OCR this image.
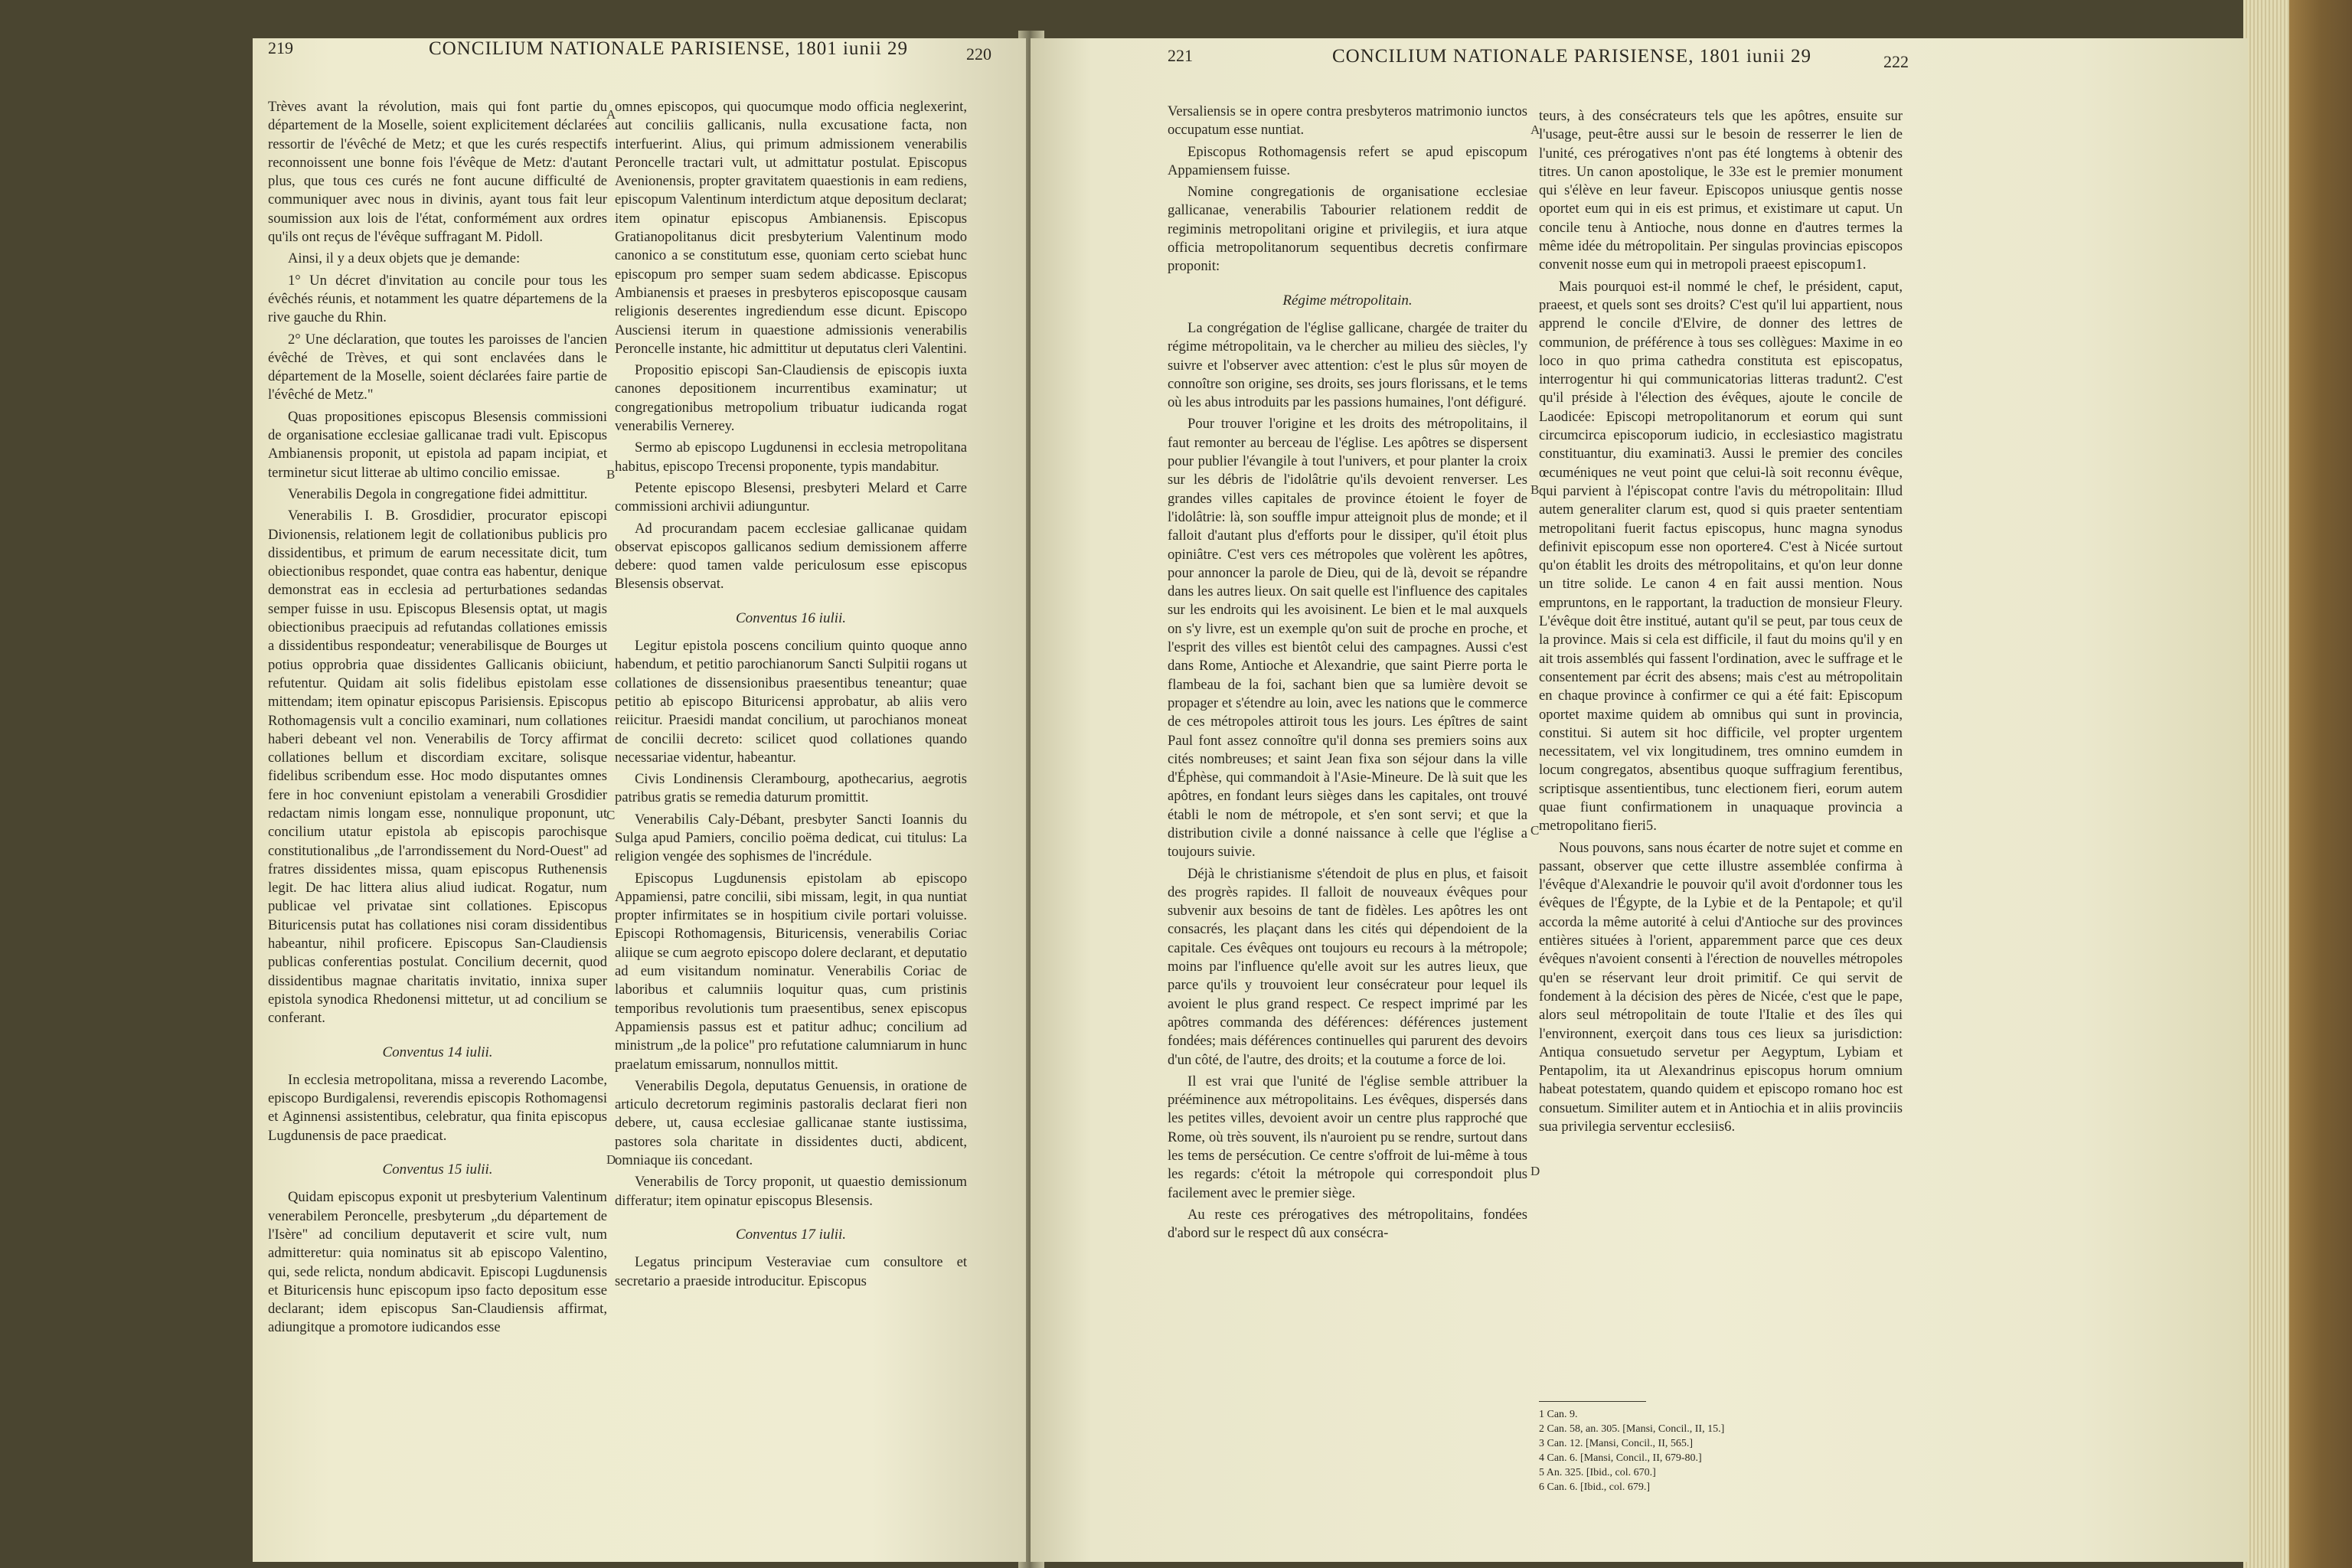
219	CONCILIUM NATIONALE PARISIENSE, 1801 iunii 29	220	221	CONCILIUM NATIONALE PARISIENSE, 1801 iunii 29	222

Trèves avant la révolution, mais qui font partie du département de la Moselle, soient explicitement déclarées ressortir de l'évêché de Metz; et que les curés respectifs reconnoissent une bonne fois l'évêque de Metz: d'autant plus, que tous ces curés ne font aucune difficulté de communiquer avec nous in divinis, ayant tous fait leur soumission aux lois de l'état, conformément aux ordres qu'ils ont reçus de l'évêque suffragant M. Pidoll.

Ainsi, il y a deux objets que je demande:

1° Un décret d'invitation au concile pour tous les évêchés réunis, et notamment les quatre départemens de la rive gauche du Rhin.

2° Une déclaration, que toutes les paroisses de l'ancien évêché de Trèves, et qui sont enclavées dans le département de la Moselle, soient déclarées faire partie de l'évêché de Metz."

Quas propositiones episcopus Blesensis commissioni de organisatione ecclesiae gallicanae tradi vult. Episcopus Ambianensis proponit, ut epistola ad papam incipiat, et terminetur sicut litterae ab ultimo concilio emissae.

Venerabilis Degola in congregatione fidei admittitur.

Venerabilis I. B. Grosdidier, procurator episcopi Divionensis, relationem legit de collationibus publicis pro dissidentibus, et primum de earum necessitate dicit, tum obiectionibus respondet, quae contra eas habentur, denique demonstrat eas in ecclesia ad perturbationes sedandas semper fuisse in usu. Episcopus Blesensis optat, ut magis obiectionibus praecipuis ad refutandas collationes emissis a dissidentibus respondeatur; venerabilisque de Bourges ut potius opprobria quae dissidentes Gallicanis obiiciunt, refutentur. Quidam ait solis fidelibus epistolam esse mittendam; item opinatur episcopus Parisiensis. Episcopus Rothomagensis vult a concilio examinari, num collationes haberi debeant vel non. Venerabilis de Torcy affirmat collationes bellum et discordiam excitare, solisque fidelibus scribendum esse. Hoc modo disputantes omnes fere in hoc conveniunt epistolam a venerabili Grosdidier redactam nimis longam esse, nonnulique proponunt, ut concilium utatur epistola ab episcopis parochisque constitutionalibus „de l'arrondissement du Nord-Ouest" ad fratres dissidentes missa, quam episcopus Ruthenensis legit. De hac littera alius aliud iudicat. Rogatur, num publicae vel privatae sint collationes. Episcopus Bituricensis putat has collationes nisi coram dissidentibus habeantur, nihil proficere. Episcopus San-Claudiensis publicas conferentias postulat. Concilium decernit, quod dissidentibus magnae charitatis invitatio, innixa super epistola synodica Rhedonensi mittetur, ut ad concilium se conferant.

Conventus 14 iulii.

In ecclesia metropolitana, missa a reverendo Lacombe, episcopo Burdigalensi, reverendis episcopis Rothomagensi et Aginnensi assistentibus, celebratur, qua finita episcopus Lugdunensis de pace praedicat.

Conventus 15 iulii.

Quidam episcopus exponit ut presbyterium Valentinum venerabilem Peroncelle, presbyterum „du département de l'Isère" ad concilium deputaverit et scire vult, num admitteretur: quia nominatus sit ab episcopo Valentino, qui, sede relicta, nondum abdicavit. Episcopi Lugdunensis et Bituricensis hunc episcopum ipso facto depositum esse declarant; idem episcopus San-Claudiensis affirmat, adiungitque a promotore iudicandos esse

omnes episcopos, qui quocumque modo officia neglexerint, aut conciliis gallicanis, nulla excusatione facta, non interfuerint. Alius, qui primum admissionem venerabilis Peroncelle tractari vult, ut admittatur postulat. Episcopus Avenionensis, propter gravitatem quaestionis in eam rediens, episcopum Valentinum interdictum atque depositum declarat; item opinatur episcopus Ambianensis. Episcopus Gratianopolitanus dicit presbyterium Valentinum modo canonico a se constitutum esse, quoniam certo sciebat hunc episcopum pro semper suam sedem abdicasse. Episcopus Ambianensis et praeses in presbyteros episcoposque causam religionis deserentes ingrediendum esse dicunt. Episcopo Ausciensi iterum in quaestione admissionis venerabilis Peroncelle instante, hic admittitur ut deputatus cleri Valentini.

Propositio episcopi San-Claudiensis de episcopis iuxta canones depositionem incurrentibus examinatur; ut congregationibus metropolium tribuatur iudicanda rogat venerabilis Vernerey.

Sermo ab episcopo Lugdunensi in ecclesia metropolitana habitus, episcopo Trecensi proponente, typis mandabitur.

Petente episcopo Blesensi, presbyteri Melard et Carre commissioni archivii adiunguntur.

Ad procurandam pacem ecclesiae gallicanae quidam observat episcopos gallicanos sedium demissionem afferre debere: quod tamen valde periculosum esse episcopus Blesensis observat.

Conventus 16 iulii.

Legitur epistola poscens concilium quinto quoque anno habendum, et petitio parochianorum Sancti Sulpitii rogans ut collationes de dissensionibus praesentibus teneantur; quae petitio ab episcopo Bituricensi approbatur, ab aliis vero reiicitur. Praesidi mandat concilium, ut parochianos moneat de concilii decreto: scilicet quod collationes quando necessariae videntur, habeantur.

Civis Londinensis Clerambourg, apothecarius, aegrotis patribus gratis se remedia daturum promittit.

Venerabilis Caly-Débant, presbyter Sancti Ioannis du Sulga apud Pamiers, concilio poëma dedicat, cui titulus: La religion vengée des sophismes de l'incrédule.

Episcopus Lugdunensis epistolam ab episcopo Appamiensi, patre concilii, sibi missam, legit, in qua nuntiat propter infirmitates se in hospitium civile portari voluisse. Episcopi Rothomagensis, Bituricensis, venerabilis Coriac aliique se cum aegroto episcopo dolere declarant, et deputatio ad eum visitandum nominatur. Venerabilis Coriac de laboribus et calumniis loquitur quas, cum pristinis temporibus revolutionis tum praesentibus, senex episcopus Appamiensis passus est et patitur adhuc; concilium ad ministrum „de la police" pro refutatione calumniarum in hunc praelatum emissarum, nonnullos mittit.

Venerabilis Degola, deputatus Genuensis, in oratione de articulo decretorum regiminis pastoralis declarat fieri non debere, ut, causa ecclesiae gallicanae stante iustissima, pastores sola charitate in dissidentes ducti, abdicent, omniaque iis concedant.

Venerabilis de Torcy proponit, ut quaestio demissionum differatur; item opinatur episcopus Blesensis.

Conventus 17 iulii.

Legatus principum Vesteraviae cum consultore et secretario a praeside introducitur. Episcopus

Versaliensis se in opere contra presbyteros matrimonio iunctos occupatum esse nuntiat.

Episcopus Rothomagensis refert se apud episcopum Appamiensem fuisse.

Nomine congregationis de organisatione ecclesiae gallicanae, venerabilis Tabourier relationem reddit de regiminis metropolitani origine et privilegiis, et iura atque officia metropolitanorum sequentibus decretis confirmare proponit:

Régime métropolitain.

La congrégation de l'église gallicane, chargée de traiter du régime métropolitain, va le chercher au milieu des siècles, l'y suivre et l'observer avec attention: c'est le plus sûr moyen de connoître son origine, ses droits, ses jours florissans, et le tems où les abus introduits par les passions humaines, l'ont défiguré.

Pour trouver l'origine et les droits des métropolitains, il faut remonter au berceau de l'église. Les apôtres se dispersent pour publier l'évangile à tout l'univers, et pour planter la croix sur les débris de l'idolâtrie qu'ils devoient renverser. Les grandes villes capitales de province étoient le foyer de l'idolâtrie: là, son souffle impur atteignoit plus de monde; et il falloit d'autant plus d'efforts pour le dissiper, qu'il étoit plus opiniâtre. C'est vers ces métropoles que volèrent les apôtres, pour annoncer la parole de Dieu, qui de là, devoit se répandre dans les autres lieux. On sait quelle est l'influence des capitales sur les endroits qui les avoisinent. Le bien et le mal auxquels on s'y livre, est un exemple qu'on suit de proche en proche, et l'esprit des villes est bientôt celui des campagnes. Aussi c'est dans Rome, Antioche et Alexandrie, que saint Pierre porta le flambeau de la foi, sachant bien que sa lumière devoit se propager et s'étendre au loin, avec les nations que le commerce de ces métropoles attiroit tous les jours. Les épîtres de saint Paul font assez connoître qu'il donna ses premiers soins aux cités nombreuses; et saint Jean fixa son séjour dans la ville d'Éphèse, qui commandoit à l'Asie-Mineure. De là suit que les apôtres, en fondant leurs sièges dans les capitales, ont trouvé établi le nom de métropole, et s'en sont servi; et que la distribution civile a donné naissance à celle que l'église a toujours suivie.

Déjà le christianisme s'étendoit de plus en plus, et faisoit des progrès rapides. Il falloit de nouveaux évêques pour subvenir aux besoins de tant de fidèles. Les apôtres les ont consacrés, les plaçant dans les cités qui dépendoient de la capitale. Ces évêques ont toujours eu recours à la métropole; moins par l'influence qu'elle avoit sur les autres lieux, que parce qu'ils y trouvoient leur consécrateur pour lequel ils avoient le plus grand respect. Ce respect imprimé par les apôtres commanda des déférences: déférences justement fondées; mais déférences continuelles qui parurent des devoirs d'un côté, de l'autre, des droits; et la coutume a force de loi.

Il est vrai que l'unité de l'église semble attribuer la prééminence aux métropolitains. Les évêques, dispersés dans les petites villes, devoient avoir un centre plus rapproché que Rome, où très souvent, ils n'auroient pu se rendre, surtout dans les tems de persécution. Ce centre s'offroit de lui-même à tous les regards: c'étoit la métropole qui correspondoit plus facilement avec le premier siège.

Au reste ces prérogatives des métropolitains, fondées d'abord sur le respect dû aux consécra-

teurs, à des consécrateurs tels que les apôtres, ensuite sur l'usage, peut-être aussi sur le besoin de resserrer le lien de l'unité, ces prérogatives n'ont pas été longtems à obtenir des titres. Un canon apostolique, le 33e est le premier monument qui s'élève en leur faveur. Episcopos uniusque gentis nosse oportet eum qui in eis est primus, et existimare ut caput. Un concile tenu à Antioche, nous donne en d'autres termes la même idée du métropolitain. Per singulas provincias episcopos convenit nosse eum qui in metropoli praeest episcopum1.

Mais pourquoi est-il nommé le chef, le président, caput, praeest, et quels sont ses droits? C'est qu'il lui appartient, nous apprend le concile d'Elvire, de donner des lettres de communion, de préférence à tous ses collègues: Maxime in eo loco in quo prima cathedra constituta est episcopatus, interrogentur hi qui communicatorias litteras tradunt2. C'est qu'il préside à l'élection des évêques, ajoute le concile de Laodicée: Episcopi metropolitanorum et eorum qui sunt circumcirca episcoporum iudicio, in ecclesiastico magistratu constituantur, diu examinati3. Aussi le premier des conciles œcuméniques ne veut point que celui-là soit reconnu évêque, qui parvient à l'épiscopat contre l'avis du métropolitain: Illud autem generaliter clarum est, quod si quis praeter sententiam metropolitani fuerit factus episcopus, hunc magna synodus definivit episcopum esse non oportere4. C'est à Nicée surtout qu'on établit les droits des métropolitains, et qu'on leur donne un titre solide. Le canon 4 en fait aussi mention. Nous empruntons, en le rapportant, la traduction de monsieur Fleury. L'évêque doit être institué, autant qu'il se peut, par tous ceux de la province. Mais si cela est difficile, il faut du moins qu'il y en ait trois assemblés qui fassent l'ordination, avec le suffrage et le consentement par écrit des absens; mais c'est au métropolitain en chaque province à confirmer ce qui a été fait: Episcopum oportet maxime quidem ab omnibus qui sunt in provincia, constitui. Si autem sit hoc difficile, vel propter urgentem necessitatem, vel vix longitudinem, tres omnino eumdem in locum congregatos, absentibus quoque suffragium ferentibus, scriptisque assentientibus, tunc electionem fieri, eorum autem quae fiunt confirmationem in unaquaque provincia a metropolitano fieri5.

Nous pouvons, sans nous écarter de notre sujet et comme en passant, observer que cette illustre assemblée confirma à l'évêque d'Alexandrie le pouvoir qu'il avoit d'ordonner tous les évêques de l'Égypte, de la Lybie et de la Pentapole; et qu'il accorda la même autorité à celui d'Antioche sur des provinces entières situées à l'orient, apparemment parce que ces deux évêques n'avoient consenti à l'érection de nouvelles métropoles qu'en se réservant leur droit primitif. Ce qui servit de fondement à la décision des pères de Nicée, c'est que le pape, alors seul métropolitain de toute l'Italie et des îles qui l'environnent, exerçoit dans tous ces lieux sa jurisdiction: Antiqua consuetudo servetur per Aegyptum, Lybiam et Pentapolim, ita ut Alexandrinus episcopus horum omnium habeat potestatem, quando quidem et episcopo romano hoc est consuetum. Similiter autem et in Antiochia et in aliis provinciis sua privilegia serventur ecclesiis6.

A
B
C
D
A
B
C
D
1 Can. 9.
2 Can. 58, an. 305. [Mansi, Concil., II, 15.]
3 Can. 12. [Mansi, Concil., II, 565.]
4 Can. 6. [Mansi, Concil., II, 679-80.]
5 An. 325. [Ibid., col. 670.]
6 Can. 6. [Ibid., col. 679.]
